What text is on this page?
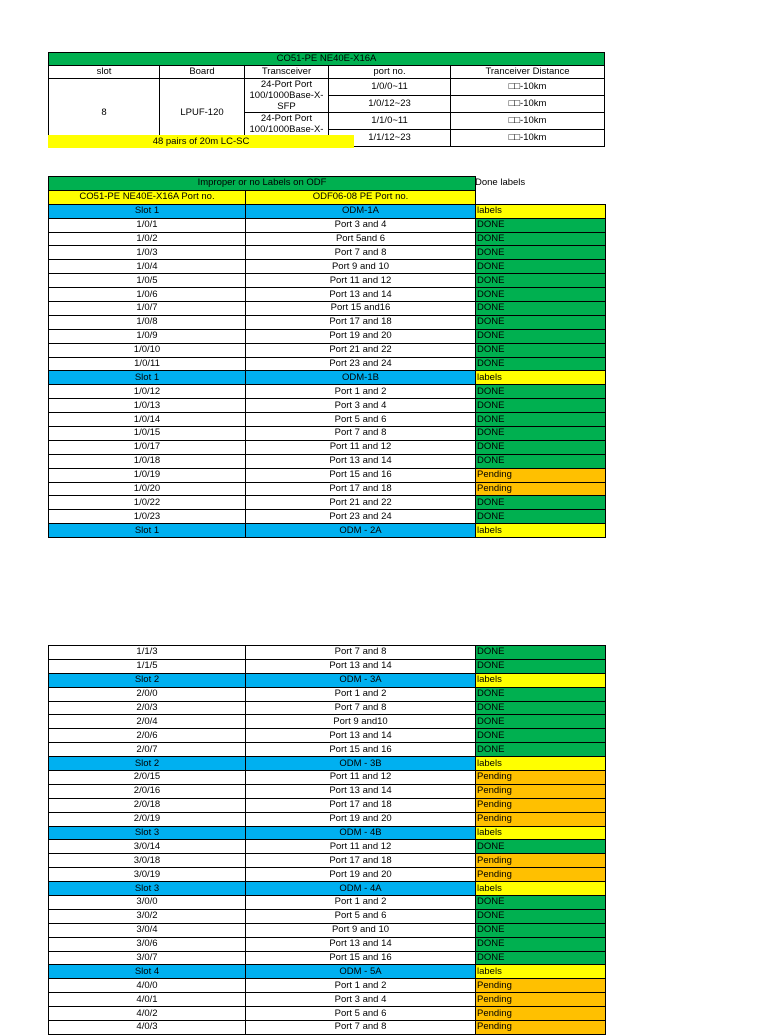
CO51-PE NE40E-X16A				
slot	Board	Transceiver	port no.	Tranceiver Distance
8	LPUF-120	24-Port Port 100/1000Base-X-SFP	1/0/0~11	□□-10km
			1/0/12~23	□□-10km
		24-Port Port 100/1000Base-X-	1/1/0~11	□□-10km
			1/1/12~23	□□-10km
48 pairs of 20m LC-SC
Done labels
Improper or no Labels on ODF		
CO51-PE NE40E-X16A Port no.	ODF06-08 PE Port no.	
Slot 1	ODM-1A	labels
1/0/1	Port 3 and 4	DONE
1/0/2	Port 5and 6	DONE
1/0/3	Port 7 and 8	DONE
1/0/4	Port 9 and 10	DONE
1/0/5	Port 11 and 12	DONE
1/0/6	Port 13 and 14	DONE
1/0/7	Port 15 and16	DONE
1/0/8	Port 17 and 18	DONE
1/0/9	Port 19 and 20	DONE
1/0/10	Port 21 and 22	DONE
1/0/11	Port 23 and 24	DONE
Slot 1	ODM-1B	labels
1/0/12	Port 1 and 2	DONE
1/0/13	Port 3 and 4	DONE
1/0/14	Port 5 and 6	DONE
1/0/15	Port 7 and 8	DONE
1/0/17	Port 11 and 12	DONE
1/0/18	Port 13 and 14	DONE
1/0/19	Port 15 and 16	Pending
1/0/20	Port 17 and 18	Pending
1/0/22	Port 21 and 22	DONE
1/0/23	Port 23 and 24	DONE
Slot 1	ODM - 2A	labels
1/1/3	Port 7 and 8	DONE
1/1/5	Port 13 and 14	DONE
Slot 2	ODM - 3A	labels
2/0/0	Port 1 and 2	DONE
2/0/3	Port 7 and 8	DONE
2/0/4	Port 9 and10	DONE
2/0/6	Port 13 and 14	DONE
2/0/7	Port 15 and 16	DONE
Slot 2	ODM - 3B	labels
2/0/15	Port 11 and 12	Pending
2/0/16	Port 13 and 14	Pending
2/0/18	Port 17 and 18	Pending
2/0/19	Port 19 and 20	Pending
Slot 3	ODM - 4B	labels
3/0/14	Port 11 and 12	DONE
3/0/18	Port 17 and 18	Pending
3/0/19	Port 19 and 20	Pending
Slot 3	ODM - 4A	labels
3/0/0	Port 1 and 2	DONE
3/0/2	Port 5 and 6	DONE
3/0/4	Port 9 and 10	DONE
3/0/6	Port 13 and 14	DONE
3/0/7	Port 15 and 16	DONE
Slot 4	ODM - 5A	labels
4/0/0	Port 1 and 2	Pending
4/0/1	Port 3 and 4	Pending
4/0/2	Port 5 and 6	Pending
4/0/3	Port 7 and 8	Pending
